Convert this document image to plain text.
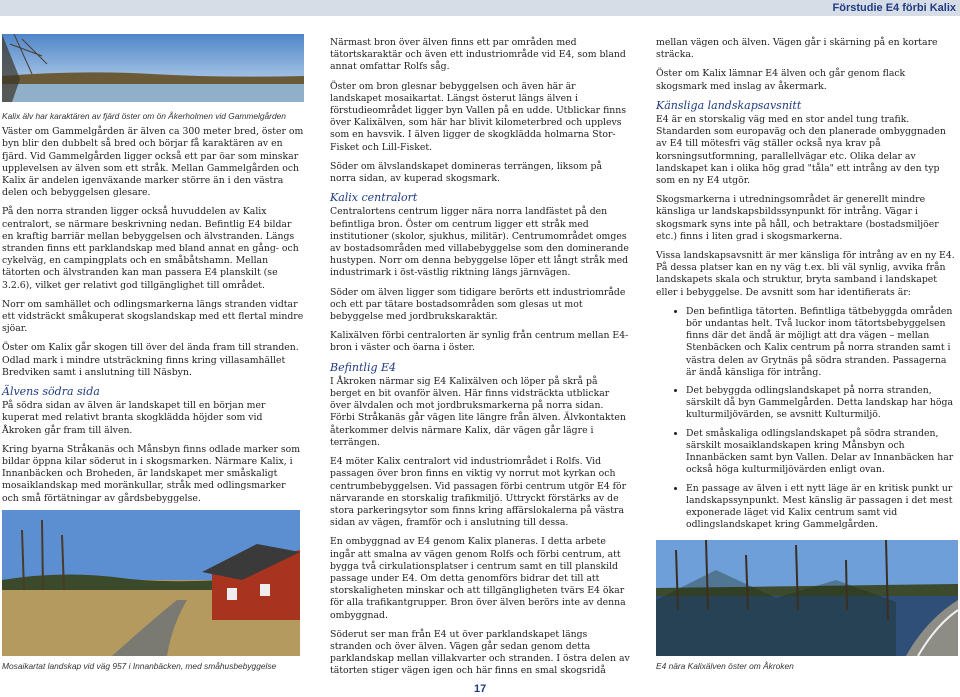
Förstudie E4 förbi Kalix
Kalix älv har karaktären av fjärd öster om ön Åkerholmen vid Gammelgården

Väster om Gammelgården är älven ca 300 meter bred, öster om byn blir den dubbelt så bred och börjar få karaktären av en fjärd. Vid Gammelgården ligger också ett par öar som minskar upplevelsen av älven som ett stråk. Mellan Gammelgården och Kalix är andelen igenväxande marker större än i den västra delen och bebyggelsen glesare.

På den norra stranden ligger också huvuddelen av Kalix centralort, se närmare beskrivning nedan. Befintlig E4 bildar en kraftig barriär mellan bebyggelsen och älvstranden. Längs stranden finns ett parklandskap med bland annat en gång- och cykelväg, en campingplats och en småbåtshamn. Mellan tätorten och älvstranden kan man passera E4 planskilt (se 3.2.6), vilket ger relativt god tillgänglighet till området.

Norr om samhället och odlingsmarkerna längs stranden vidtar ett vidsträckt småkuperat skogslandskap med ett flertal mindre sjöar.

Öster om Kalix går skogen till över del ända fram till stranden. Odlad mark i mindre utsträckning finns kring villasamhället Bredviken samt i anslutning till Näsbyn.

Älvens södra sida

På södra sidan av älven är landskapet till en början mer kuperat med relativt branta skogklädda höjder som vid Åkroken går fram till älven.

Kring byarna Stråkanäs och Månsbyn finns odlade marker som bildar öppna kilar söderut in i skogsmarken. Närmare Kalix, i Innanbäcken och Broheden, är landskapet mer småskaligt mosaiklandskap med moränkullar, stråk med odlingsmarker och små förtätningar av gårdsbebyggelse.

Mosaikartat landskap vid väg 957 i Innanbäcken, med småhusbebyggelse

Närmast bron över älven finns ett par områden med tätortskaraktär och även ett industriområde vid E4, som bland annat omfattar Rolfs såg.

Öster om bron glesnar bebyggelsen och även här är landskapet mosaikartat. Längst österut längs älven i förstudieområdet ligger byn Vallen på en udde. Utblickar finns över Kalixälven, som här har blivit kilometerbred och upplevs som en havsvik. I älven ligger de skogklädda holmarna Stor-Fisket och Lill-Fisket.

Söder om älvslandskapet domineras terrängen, liksom på norra sidan, av kuperad skogsmark.

Kalix centralort

Centralortens centrum ligger nära norra landfästet på den befintliga bron. Öster om centrum ligger ett stråk med institutioner (skolor, sjukhus, militär). Centrumområdet omges av bostadsområden med villabebyggelse som den dominerande hustypen. Norr om denna bebyggelse löper ett långt stråk med industrimark i öst-västlig riktning längs järnvägen.

Söder om älven ligger som tidigare berörts ett industriområde och ett par tätare bostadsområden som glesas ut mot bebyggelse med jordbrukskaraktär.

Kalixälven förbi centralorten är synlig från centrum mellan E4-bron i väster och öarna i öster.

Befintlig E4

I Åkroken närmar sig E4 Kalixälven och löper på skrå på berget en bit ovanför älven. Här finns vidsträckta utblickar över älvdalen och mot jordbruksmarkerna på norra sidan. Förbi Stråkanäs går vägen lite längre från älven. Älvkontakten återkommer delvis närmare Kalix, där vägen går lägre i terrängen.

E4 möter Kalix centralort vid industriområdet i Rolfs. Vid passagen över bron finns en viktig vy norrut mot kyrkan och centrumbebyggelsen. Vid passagen förbi centrum utgör E4 för närvarande en storskalig trafikmiljö. Uttryckt förstärks av de stora parkeringsytor som finns kring affärslokalerna på västra sidan av vägen, framför och i anslutning till dessa.

En ombyggnad av E4 genom Kalix planeras. I detta arbete ingår att smalna av vägen genom Rolfs och förbi centrum, att bygga två cirkulationsplatser i centrum samt en till planskild passage under E4. Om detta genomförs bidrar det till att storskaligheten minskar och att tillgängligheten tvärs E4 ökar för alla trafikantgrupper. Bron över älven berörs inte av denna ombyggnad.

Söderut ser man från E4 ut över parklandskapet längs stranden och över älven. Vägen går sedan genom detta parklandskap mellan villakvarter och stranden. I östra delen av tätorten stiger vägen igen och här finns en smal skogsridå

mellan vägen och älven. Vägen går i skärning på en kortare sträcka.

Öster om Kalix lämnar E4 älven och går genom flack skogsmark med inslag av åkermark.

Känsliga landskapsavsnitt

E4 är en storskalig väg med en stor andel tung trafik. Standarden som europaväg och den planerade ombyggnaden av E4 till mötesfri väg ställer också nya krav på korsningsutformning, parallellvägar etc. Olika delar av landskapet kan i olika hög grad "tåla" ett intrång av den typ som en ny E4 utgör.

Skogsmarkerna i utredningsområdet är generellt mindre känsliga ur landskapsbildssynpunkt för intrång. Vägar i skogsmark syns inte på håll, och betraktare (bostadsmiljöer etc.) finns i liten grad i skogsmarkerna.

Vissa landskapsavsnitt är mer känsliga för intrång av en ny E4. På dessa platser kan en ny väg t.ex. bli väl synlig, avvika från landskapets skala och struktur, bryta samband i landskapet eller i bebyggelse. De avsnitt som har identifierats är:

• Den befintliga tätorten. Befintliga tätbebyggda områden bör undantas helt. Två luckor inom tätortsbebyggelsen finns där det ändå är möjligt att dra vägen – mellan Stenbäcken och Kalix centrum på norra stranden samt i västra delen av Grytnäs på södra stranden. Passagerna är ändå känsliga för intrång.
• Det bebyggda odlingslandskapet på norra stranden, särskilt då byn Gammelgården. Detta landskap har höga kulturmiljövärden, se avsnitt Kulturmiljö.
• Det småskaliga odlingslandskapet på södra stranden, särskilt mosaiklandskapen kring Månsbyn och Innanbäcken samt byn Vallen. Delar av Innanbäcken har också höga kulturmiljövärden enligt ovan.
• En passage av älven i ett nytt läge är en kritisk punkt ur landskapssynpunkt. Mest känslig är passagen i det mest exponerade läget vid Kalix centrum samt vid odlingslandskapet kring Gammelgården.
E4 nära Kalixälven öster om Åkroken
17
